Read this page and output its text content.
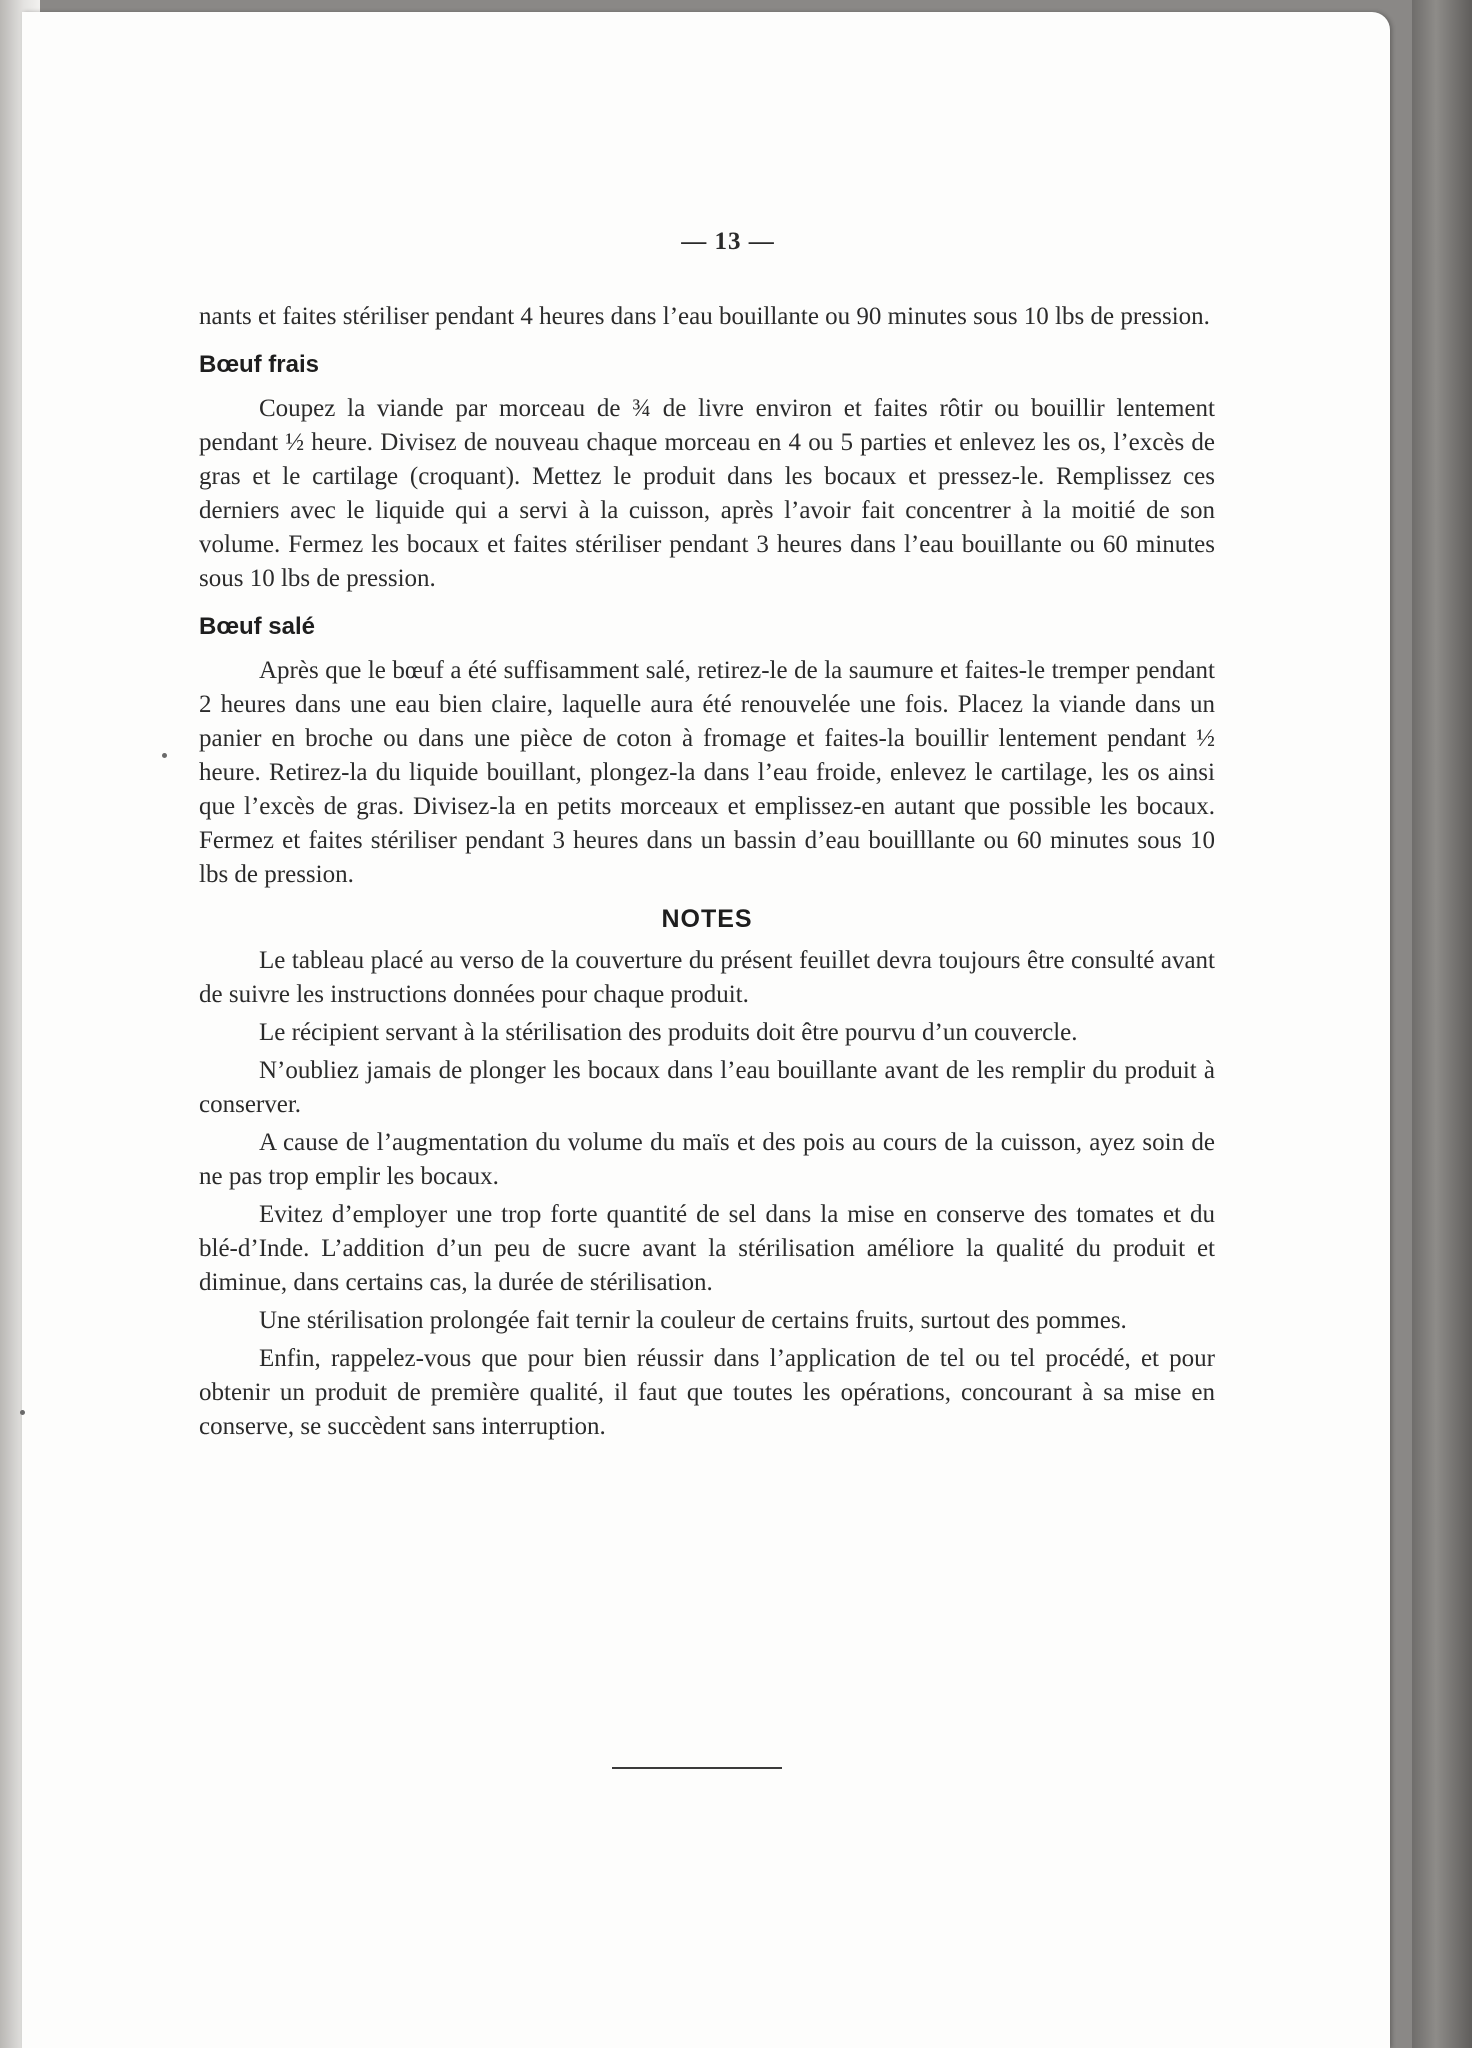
— 13 —

nants et faites stériliser pendant 4 heures dans l’eau bouillante ou 90 minutes sous 10 lbs de pression.

Bœuf frais

Coupez la viande par morceau de ¾ de livre environ et faites rôtir ou bouillir lentement pendant ½ heure. Divisez de nouveau chaque morceau en 4 ou 5 parties et enlevez les os, l’excès de gras et le cartilage (croquant). Mettez le produit dans les bocaux et pressez-le. Remplissez ces derniers avec le liquide qui a servi à la cuisson, après l’avoir fait concentrer à la moitié de son volume. Fermez les bocaux et faites stériliser pendant 3 heures dans l’eau bouillante ou 60 minutes sous 10 lbs de pression.

Bœuf salé

Après que le bœuf a été suffisamment salé, retirez-le de la saumure et faites-le tremper pendant 2 heures dans une eau bien claire, laquelle aura été renouvelée une fois. Placez la viande dans un panier en broche ou dans une pièce de coton à fromage et faites-la bouillir lentement pendant ½ heure. Retirez-la du liquide bouillant, plongez-la dans l’eau froide, enlevez le cartilage, les os ainsi que l’excès de gras. Divisez-la en petits morceaux et emplissez-en autant que possible les bocaux. Fermez et faites stériliser pendant 3 heures dans un bassin d’eau bouilllante ou 60 minutes sous 10 lbs de pression.

NOTES

Le tableau placé au verso de la couverture du présent feuillet devra toujours être consulté avant de suivre les instructions données pour chaque produit.

Le récipient servant à la stérilisation des produits doit être pourvu d’un couvercle.

N’oubliez jamais de plonger les bocaux dans l’eau bouillante avant de les remplir du produit à conserver.

A cause de l’augmentation du volume du maïs et des pois au cours de la cuisson, ayez soin de ne pas trop emplir les bocaux.

Evitez d’employer une trop forte quantité de sel dans la mise en conserve des tomates et du blé-d’Inde. L’addition d’un peu de sucre avant la stérilisation améliore la qualité du produit et diminue, dans certains cas, la durée de stérilisation.

Une stérilisation prolongée fait ternir la couleur de certains fruits, surtout des pommes.

Enfin, rappelez-vous que pour bien réussir dans l’application de tel ou tel procédé, et pour obtenir un produit de première qualité, il faut que toutes les opérations, concourant à sa mise en conserve, se succèdent sans interruption.
